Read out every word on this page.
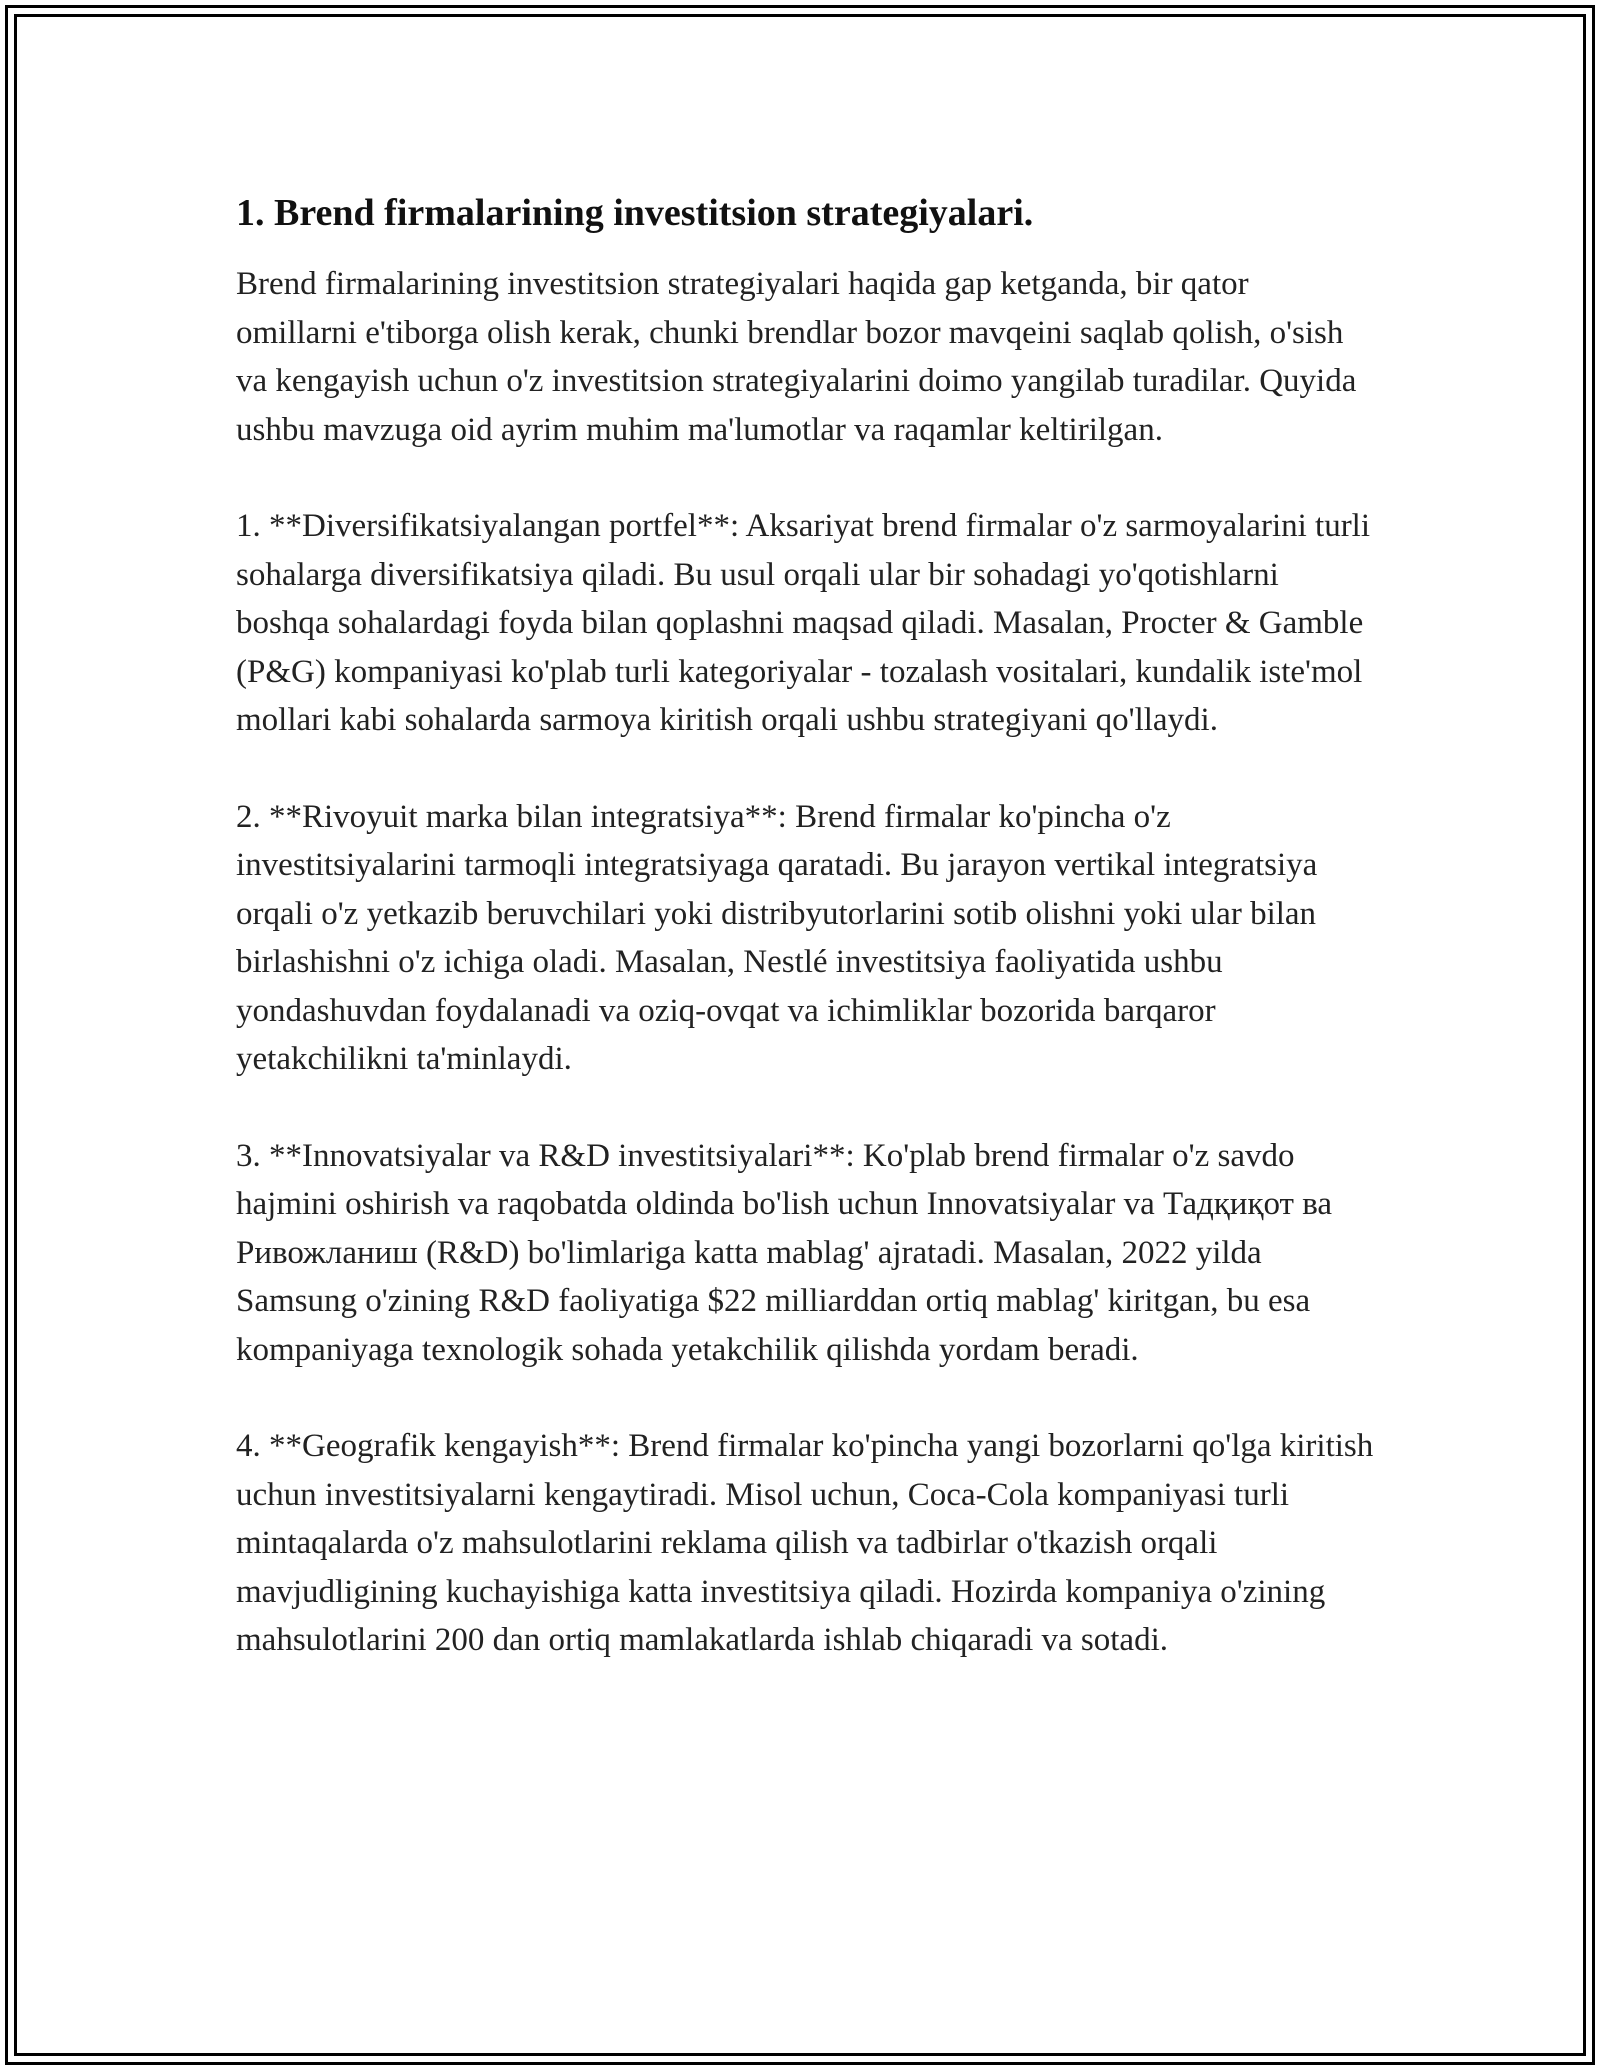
1. Brend firmalarining investitsion strategiyalari.

Brend firmalarining investitsion strategiyalari haqida gap ketganda, bir qator omillarni e'tiborga olish kerak, chunki brendlar bozor mavqeini saqlab qolish, o'sish va kengayish uchun o'z investitsion strategiyalarini doimo yangilab turadilar. Quyida ushbu mavzuga oid ayrim muhim ma'lumotlar va raqamlar keltirilgan.

1. **Diversifikatsiyalangan portfel**: Aksariyat brend firmalar o'z sarmoyalarini turli sohalarga diversifikatsiya qiladi. Bu usul orqali ular bir sohadagi yo'qotishlarni boshqa sohalardagi foyda bilan qoplashni maqsad qiladi. Masalan, Procter & Gamble (P&G) kompaniyasi ko'plab turli kategoriyalar - tozalash vositalari, kundalik iste'mol mollari kabi sohalarda sarmoya kiritish orqali ushbu strategiyani qo'llaydi.

2. **Rivoyuit marka bilan integratsiya**: Brend firmalar ko'pincha o'z investitsiyalarini tarmoqli integratsiyaga qaratadi. Bu jarayon vertikal integratsiya orqali o'z yetkazib beruvchilari yoki distribyutorlarini sotib olishni yoki ular bilan birlashishni o'z ichiga oladi. Masalan, Nestlé investitsiya faoliyatida ushbu yondashuvdan foydalanadi va oziq-ovqat va ichimliklar bozorida barqaror yetakchilikni ta'minlaydi.

3. **Innovatsiyalar va R&D investitsiyalari**: Ko'plab brend firmalar o'z savdo hajmini oshirish va raqobatda oldinda bo'lish uchun Innovatsiyalar va Тадқиқот ва Ривожланиш (R&D) bo'limlariga katta mablag' ajratadi. Masalan, 2022 yilda Samsung o'zining R&D faoliyatiga $22 milliarddan ortiq mablag' kiritgan, bu esa kompaniyaga texnologik sohada yetakchilik qilishda yordam beradi.

4. **Geografik kengayish**: Brend firmalar ko'pincha yangi bozorlarni qo'lga kiritish uchun investitsiyalarni kengaytiradi. Misol uchun, Coca-Cola kompaniyasi turli mintaqalarda o'z mahsulotlarini reklama qilish va tadbirlar o'tkazish orqali mavjudligining kuchayishiga katta investitsiya qiladi. Hozirda kompaniya o'zining mahsulotlarini 200 dan ortiq mamlakatlarda ishlab chiqaradi va sotadi.
